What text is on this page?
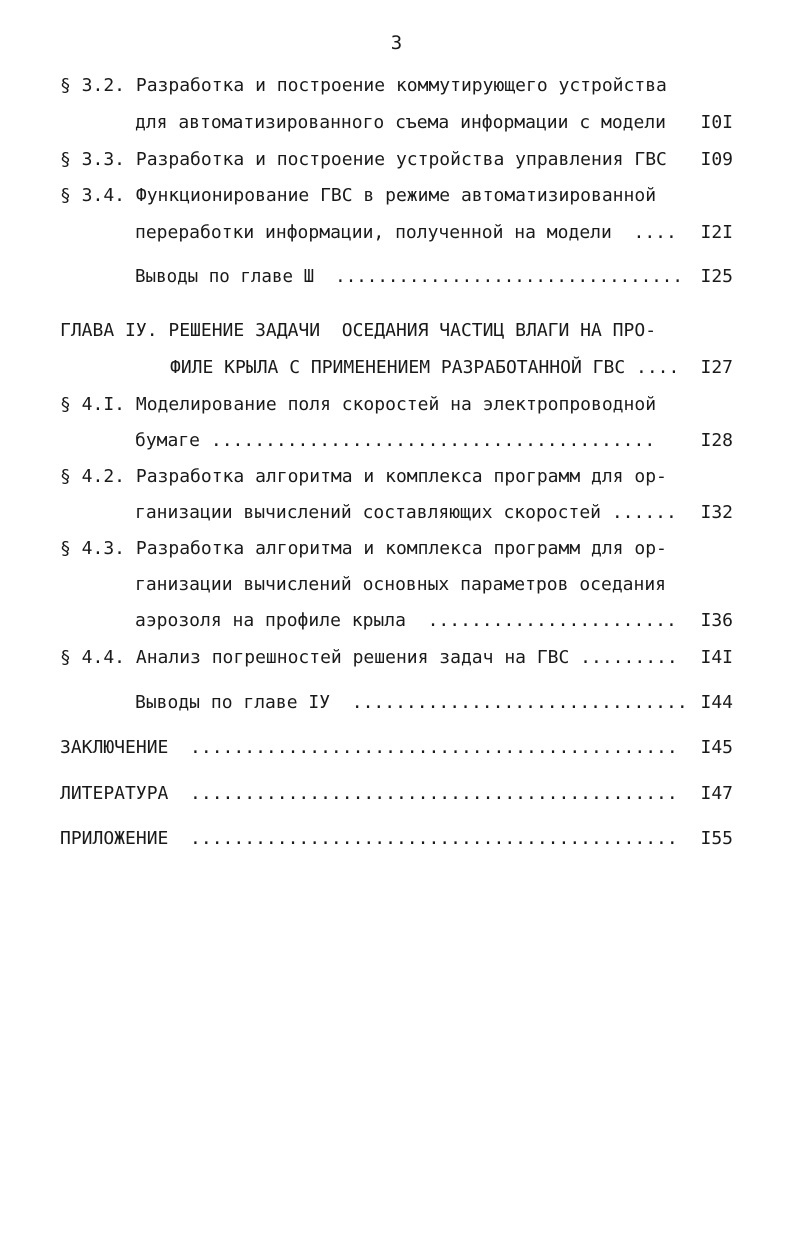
3
§ 3.2. Разработка и построение коммутирующего устройства
для автоматизированного съема информации с модели I0I
§ 3.3. Разработка и построение устройства управления ГВС I09
§ 3.4. Функционирование ГВС в режиме автоматизированной
переработки информации, полученной на модели  .... I2I
Выводы по главе Ш  ................................. I25
ГЛАВА IУ. РЕШЕНИЕ ЗАДАЧИ  ОСЕДАНИЯ ЧАСТИЦ ВЛАГИ НА ПРО-
ФИЛЕ КРЫЛА С ПРИМЕНЕНИЕМ РАЗРАБОТАННОЙ ГВС .... I27
§ 4.I. Моделирование поля скоростей на электропроводной
бумаге .........................................	I28
§ 4.2. Разработка алгоритма и комплекса программ для ор-
ганизации вычислений составляющих скоростей ...... I32
§ 4.3. Разработка алгоритма и комплекса программ для ор-
ганизации вычислений основных параметров оседания
аэрозоля на профиле крыла  ....................... I36
§ 4.4. Анализ погрешностей решения задач на ГВС ......... I4I
Выводы по главе IУ  ............................... I44
ЗАКЛЮЧЕНИЕ  ............................................. I45
ЛИТЕРАТУРА  ............................................. I47
ПРИЛОЖЕНИЕ  ............................................. I55
